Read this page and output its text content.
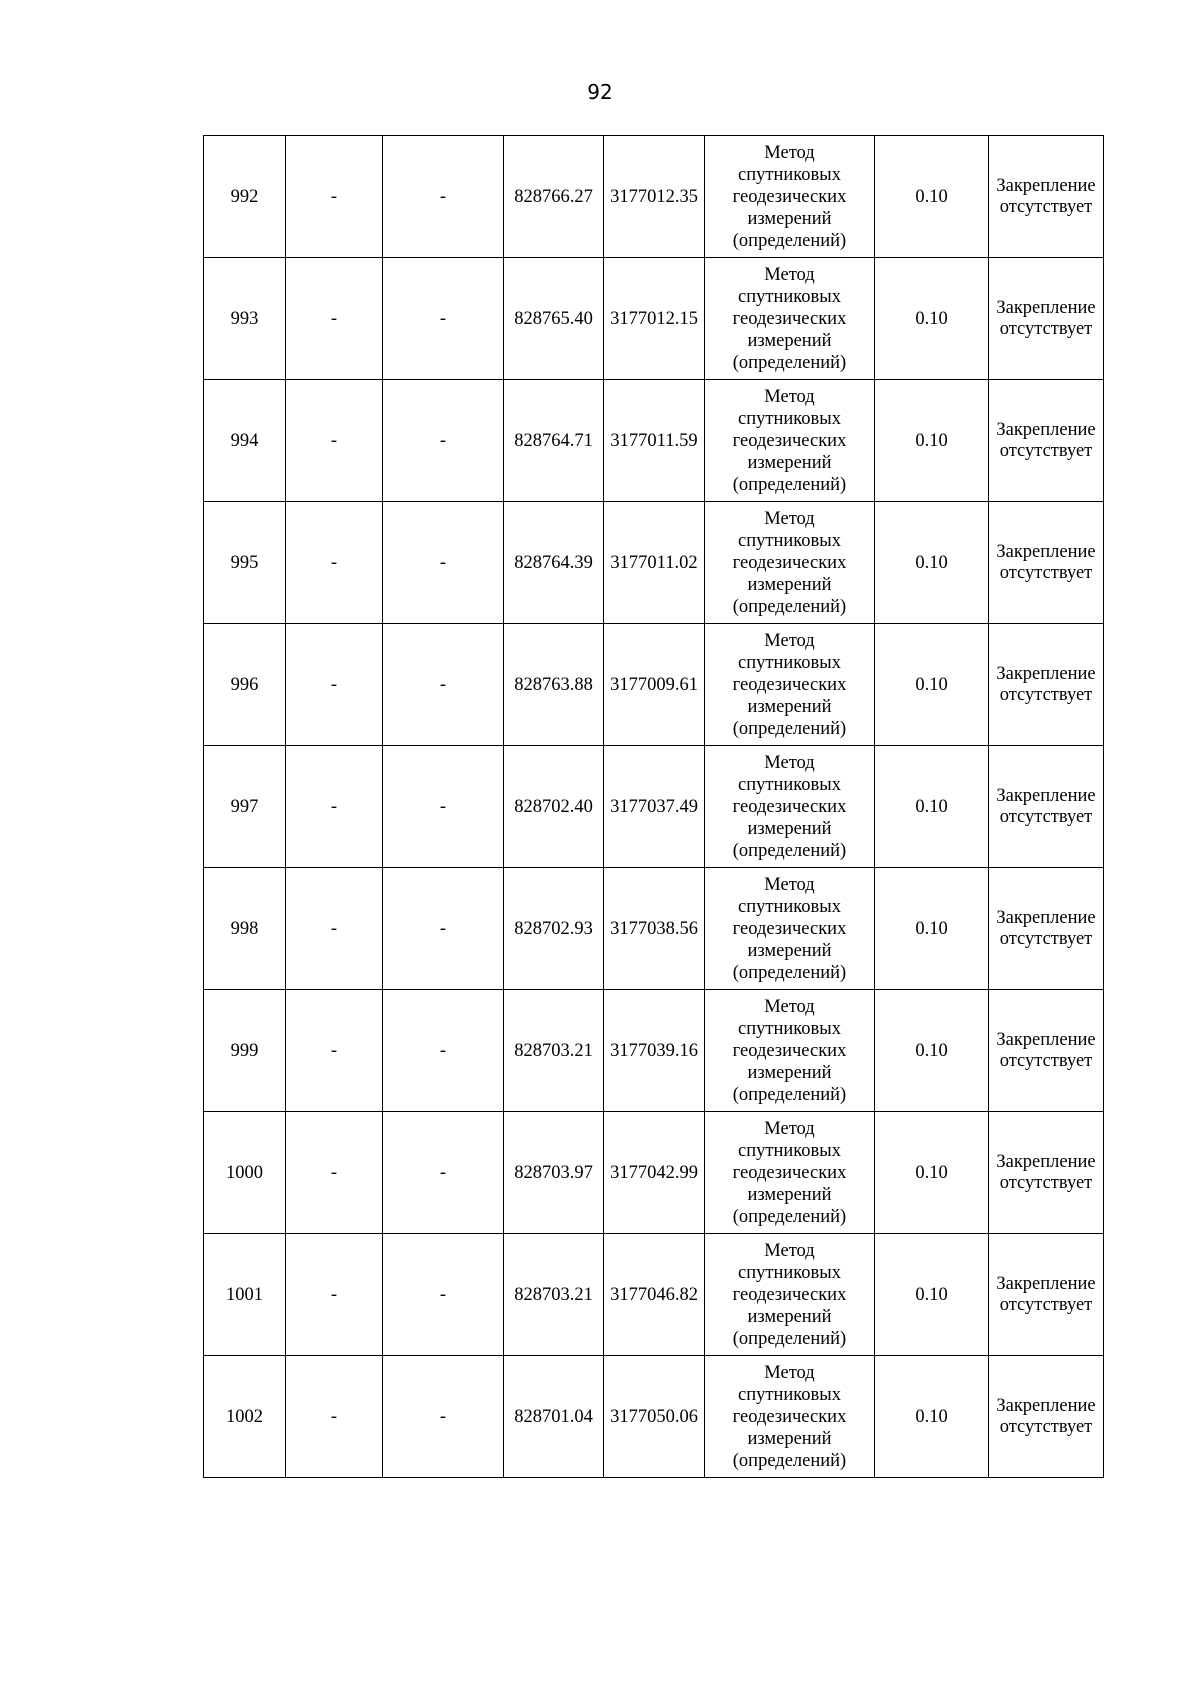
92
992	-	-	828766.27	3177012.35	Метод
спутниковых
геодезических
измерений
(определений)	0.10	Закрепление
отсутствует

993	-	-	828765.40	3177012.15	Метод
спутниковых
геодезических
измерений
(определений)	0.10	Закрепление
отсутствует

994	-	-	828764.71	3177011.59	Метод
спутниковых
геодезических
измерений
(определений)	0.10	Закрепление
отсутствует

995	-	-	828764.39	3177011.02	Метод
спутниковых
геодезических
измерений
(определений)	0.10	Закрепление
отсутствует

996	-	-	828763.88	3177009.61	Метод
спутниковых
геодезических
измерений
(определений)	0.10	Закрепление
отсутствует

997	-	-	828702.40	3177037.49	Метод
спутниковых
геодезических
измерений
(определений)	0.10	Закрепление
отсутствует

998	-	-	828702.93	3177038.56	Метод
спутниковых
геодезических
измерений
(определений)	0.10	Закрепление
отсутствует

999	-	-	828703.21	3177039.16	Метод
спутниковых
геодезических
измерений
(определений)	0.10	Закрепление
отсутствует

1000	-	-	828703.97	3177042.99	Метод
спутниковых
геодезических
измерений
(определений)	0.10	Закрепление
отсутствует

1001	-	-	828703.21	3177046.82	Метод
спутниковых
геодезических
измерений
(определений)	0.10	Закрепление
отсутствует

1002	-	-	828701.04	3177050.06	Метод
спутниковых
геодезических
измерений
(определений)	0.10	Закрепление
отсутствует
